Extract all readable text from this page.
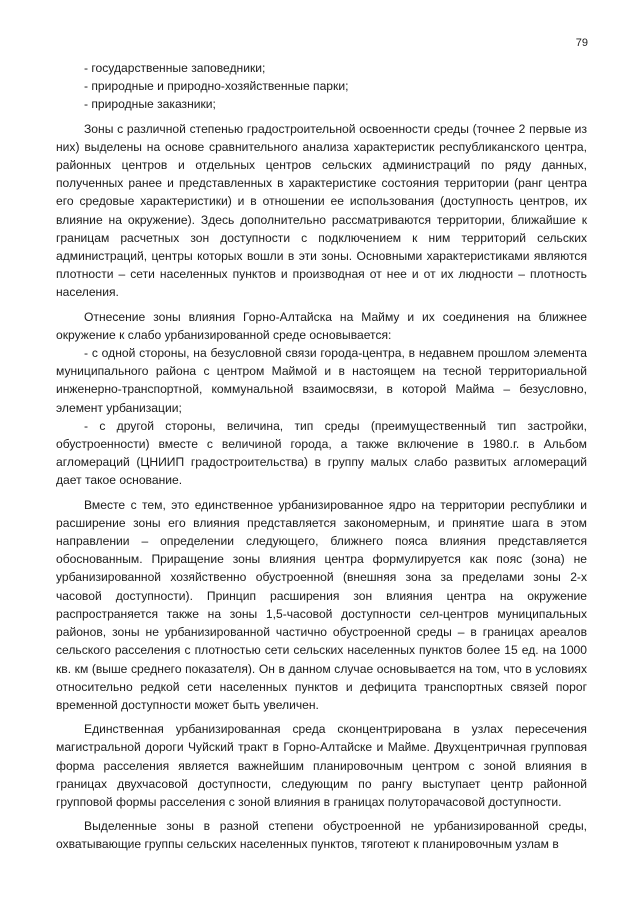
79

- государственные заповедники;

- природные и природно-хозяйственные парки;

- природные заказники;

Зоны с различной степенью градостроительной освоенности среды (точнее 2 первые из них) выделены на основе сравнительного анализа характеристик республиканского центра, районных центров и отдельных центров сельских администраций по ряду данных, полученных ранее и представленных в характеристике состояния территории (ранг центра его средовые характеристики) и в отношении ее использования (доступность центров, их влияние на окружение). Здесь дополнительно рассматриваются территории, ближайшие к границам расчетных зон доступности с подключением к ним территорий сельских администраций, центры которых вошли в эти зоны. Основными характеристиками являются плотности – сети населенных пунктов и производная от нее и от их людности – плотность населения.

Отнесение зоны влияния Горно-Алтайска на Майму и их соединения на ближнее окружение к слабо урбанизированной среде основывается:

- с одной стороны, на безусловной связи города-центра, в недавнем прошлом элемента муниципального района с центром Маймой и в настоящем на тесной территориальной инженерно-транспортной, коммунальной взаимосвязи, в которой Майма – безусловно, элемент урбанизации;

- с другой стороны, величина, тип среды (преимущественный тип застройки, обустроенности) вместе с величиной города, а также включение в 1980.г. в Альбом агломераций (ЦНИИП градостроительства) в группу малых слабо развитых агломераций дает такое основание.

Вместе с тем, это единственное урбанизированное ядро на территории республики и расширение зоны его влияния представляется закономерным, и принятие шага в этом направлении – определении следующего, ближнего пояса влияния представляется обоснованным. Приращение зоны влияния центра формулируется как пояс (зона) не урбанизированной хозяйственно обустроенной (внешняя зона за пределами зоны 2-х часовой доступности). Принцип расширения зон влияния центра на окружение распространяется также на зоны 1,5-часовой доступности сел-центров муниципальных районов, зоны не урбанизированной частично обустроенной среды – в границах ареалов сельского расселения с плотностью сети сельских населенных пунктов более 15 ед. на 1000 кв. км (выше среднего показателя). Он в данном случае основывается на том, что в условиях относительно редкой сети населенных пунктов и дефицита транспортных связей порог временной доступности может быть увеличен.

Единственная урбанизированная среда сконцентрирована в узлах пересечения магистральной дороги Чуйский тракт в Горно-Алтайске и Майме. Двухцентричная групповая форма расселения является важнейшим планировочным центром с зоной влияния в границах двухчасовой доступности, следующим по рангу выступает центр районной групповой формы расселения с зоной влияния в границах полуторачасовой доступности.

Выделенные зоны в разной степени обустроенной не урбанизированной среды, охватывающие группы сельских населенных пунктов, тяготеют к планировочным узлам в
